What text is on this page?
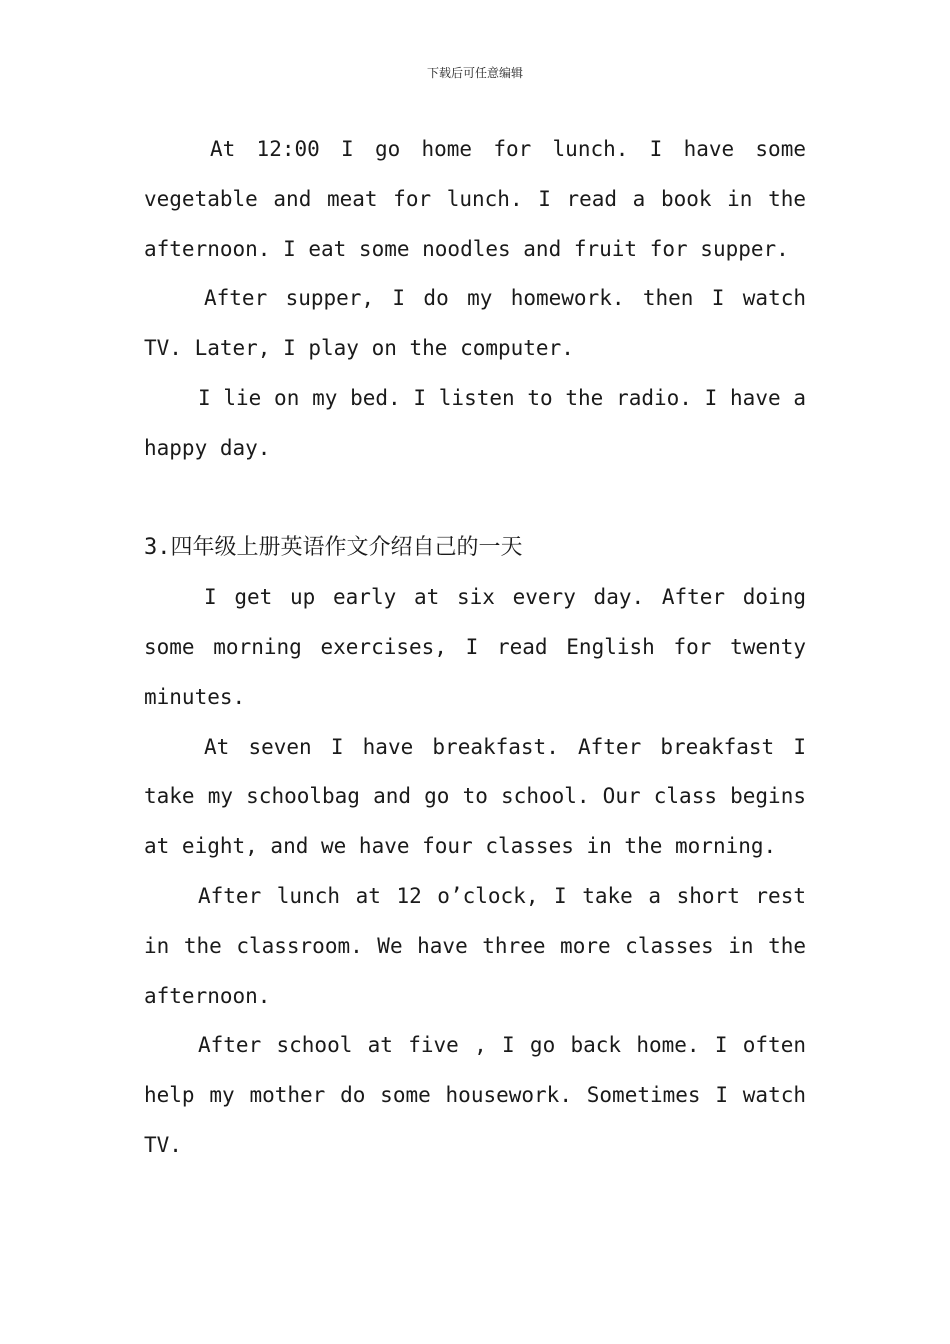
下载后可任意编辑

At 12:00 I go home for lunch. I have some vegetable and meat for lunch. I read a book in the afternoon. I eat some noodles and fruit for supper.

After supper, I do my homework. then I watch TV. Later, I play on the computer.

I lie on my bed. I listen to the radio. I have a happy day.

3.四年级上册英语作文介绍自己的一天

I get up early at six every day. After doing some morning exercises, I read English for twenty minutes.

At seven I have breakfast. After breakfast I take my schoolbag and go to school. Our class begins at eight, and we have four classes in the morning.

After lunch at 12 o’clock, I take a short rest in the classroom. We have three more classes in the afternoon.

After school at five , I go back home. I often help my mother do some housework. Sometimes I watch TV.
